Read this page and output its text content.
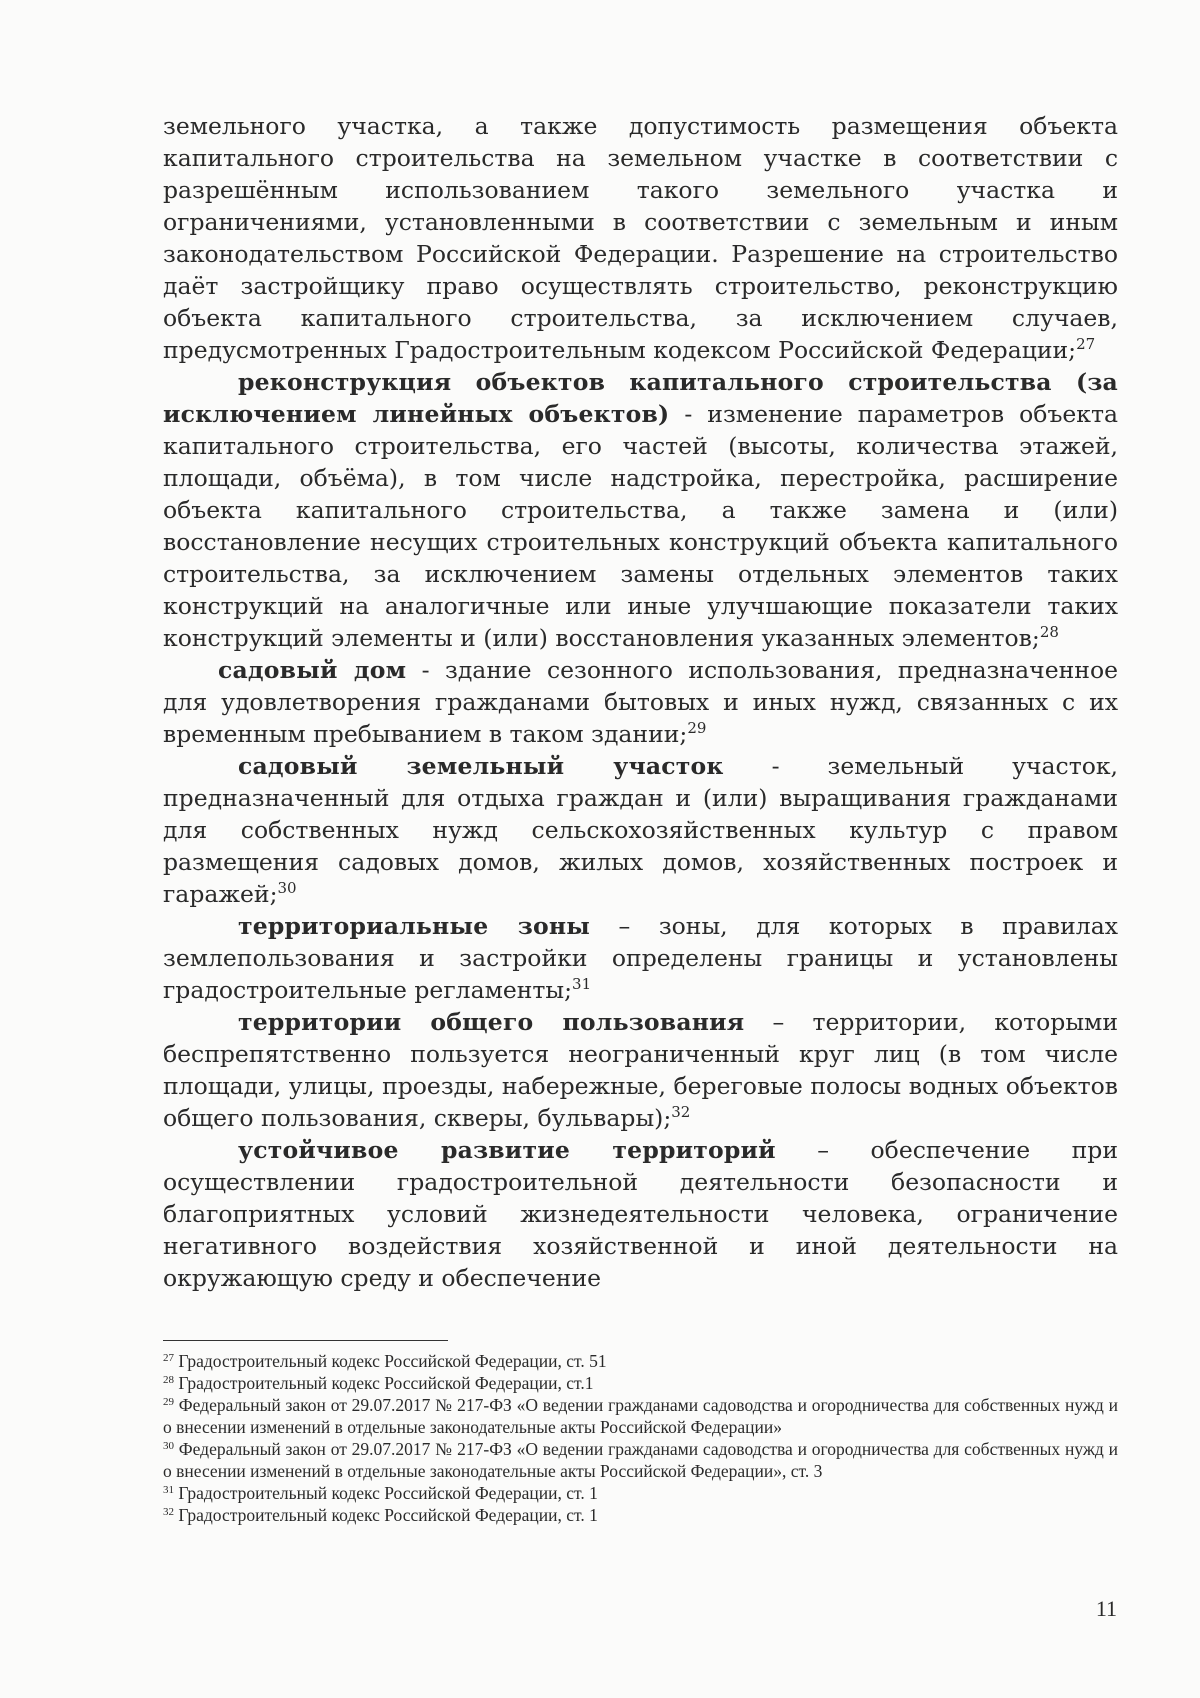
земельного участка, а также допустимость размещения объекта капитального строительства на земельном участке в соответствии с разрешённым использованием такого земельного участка и ограничениями, установленными в соответствии с земельным и иным законодательством Российской Федерации. Разрешение на строительство даёт застройщику право осуществлять строительство, реконструкцию объекта капитального строительства, за исключением случаев, предусмотренных Градостроительным кодексом Российской Федерации;$^{27}$

реконструкция объектов капитального строительства (за исключением линейных объектов) - изменение параметров объекта капитального строительства, его частей (высоты, количества этажей, площади, объёма), в том числе надстройка, перестройка, расширение объекта капитального строительства, а также замена и (или) восстановление несущих строительных конструкций объекта капитального строительства, за исключением замены отдельных элементов таких конструкций на аналогичные или иные улучшающие показатели таких конструкций элементы и (или) восстановления указанных элементов;$^{28}$

садовый дом - здание сезонного использования, предназначенное для удовлетворения гражданами бытовых и иных нужд, связанных с их временным пребыванием в таком здании;$^{29}$

садовый земельный участок - земельный участок, предназначенный для отдыха граждан и (или) выращивания гражданами для собственных нужд сельскохозяйственных культур с правом размещения садовых домов, жилых домов, хозяйственных построек и гаражей;$^{30}$

территориальные зоны – зоны, для которых в правилах землепользования и застройки определены границы и установлены градостроительные регламенты;$^{31}$

территории общего пользования – территории, которыми беспрепятственно пользуется неограниченный круг лиц (в том числе площади, улицы, проезды, набережные, береговые полосы водных объектов общего пользования, скверы, бульвары);$^{32}$

устойчивое развитие территорий – обеспечение при осуществлении градостроительной деятельности безопасности и благоприятных условий жизнедеятельности человека, ограничение негативного воздействия хозяйственной и иной деятельности на окружающую среду и обеспечение

$^{27}$ Градостроительный кодекс Российской Федерации, ст. 51

$^{28}$ Градостроительный кодекс Российской Федерации, ст.1

$^{29}$ Федеральный закон от 29.07.2017 № 217-ФЗ «О ведении гражданами садоводства и огородничества для собственных нужд и о внесении изменений в отдельные законодательные акты Российской Федерации»

$^{30}$ Федеральный закон от 29.07.2017 № 217-ФЗ «О ведении гражданами садоводства и огородничества для собственных нужд и о внесении изменений в отдельные законодательные акты Российской Федерации», ст. 3

$^{31}$ Градостроительный кодекс Российской Федерации, ст. 1

$^{32}$ Градостроительный кодекс Российской Федерации, ст. 1

11
